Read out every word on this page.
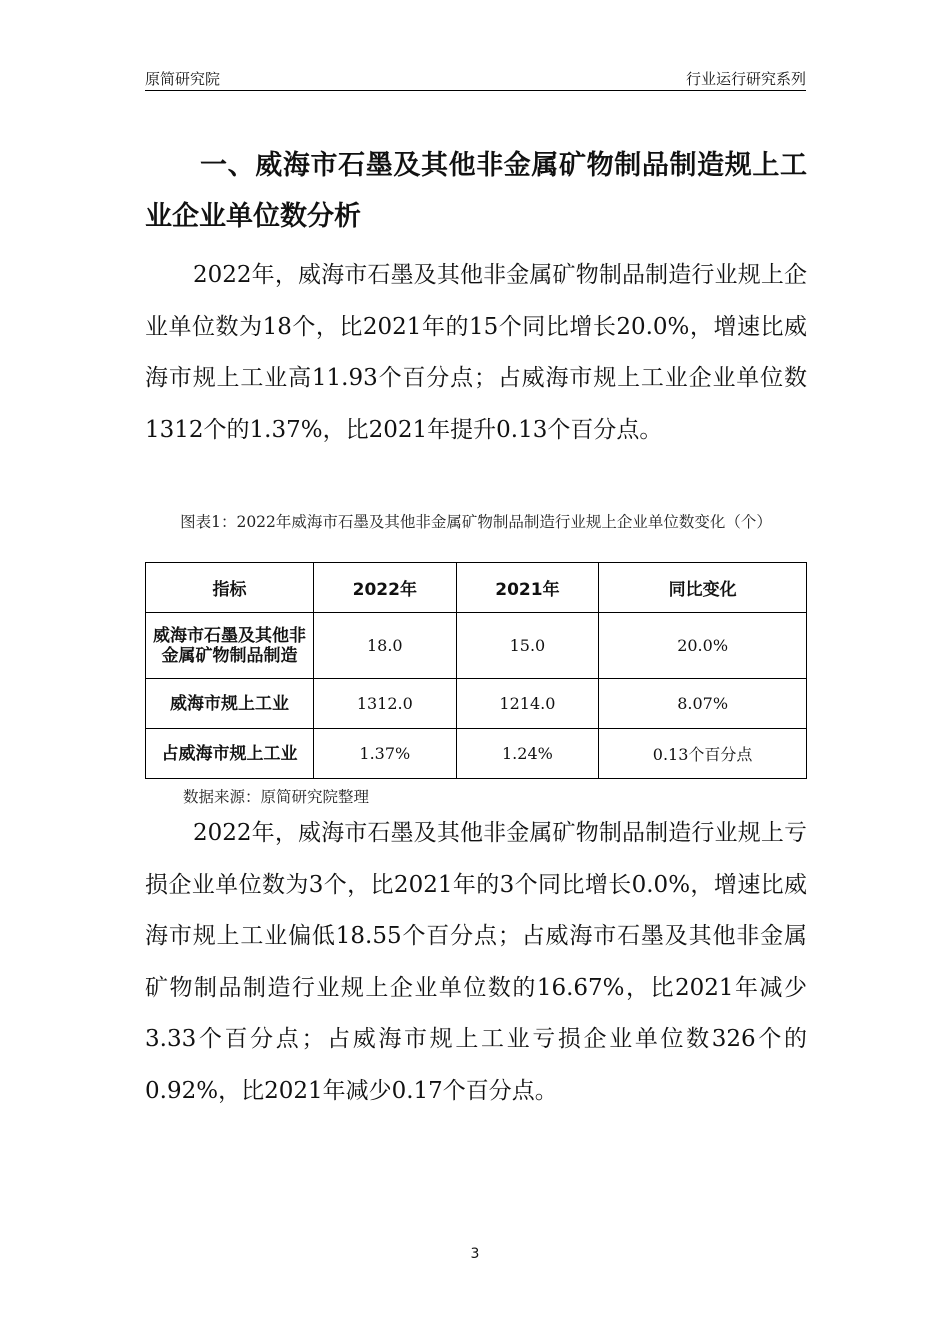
原简研究院	行业运行研究系列
一、威海市石墨及其他非金属矿物制品制造规上工业企业单位数分析
2022年，威海市石墨及其他非金属矿物制品制造行业规上企业单位数为18个，比2021年的15个同比增长20.0%，增速比威海市规上工业高11.93个百分点；占威海市规上工业企业单位数1312个的1.37%，比2021年提升0.13个百分点。
图表1：2022年威海市石墨及其他非金属矿物制品制造行业规上企业单位数变化（个）
指标	2022年	2021年	同比变化
威海市石墨及其他非金属矿物制品制造	18.0	15.0	20.0%
威海市规上工业	1312.0	1214.0	8.07%
占威海市规上工业	1.37%	1.24%	0.13个百分点
数据来源：原简研究院整理
2022年，威海市石墨及其他非金属矿物制品制造行业规上亏损企业单位数为3个，比2021年的3个同比增长0.0%，增速比威海市规上工业偏低18.55个百分点；占威海市石墨及其他非金属矿物制品制造行业规上企业单位数的16.67%，比2021年减少3.33个百分点；占威海市规上工业亏损企业单位数326个的0.92%，比2021年减少0.17个百分点。
3
